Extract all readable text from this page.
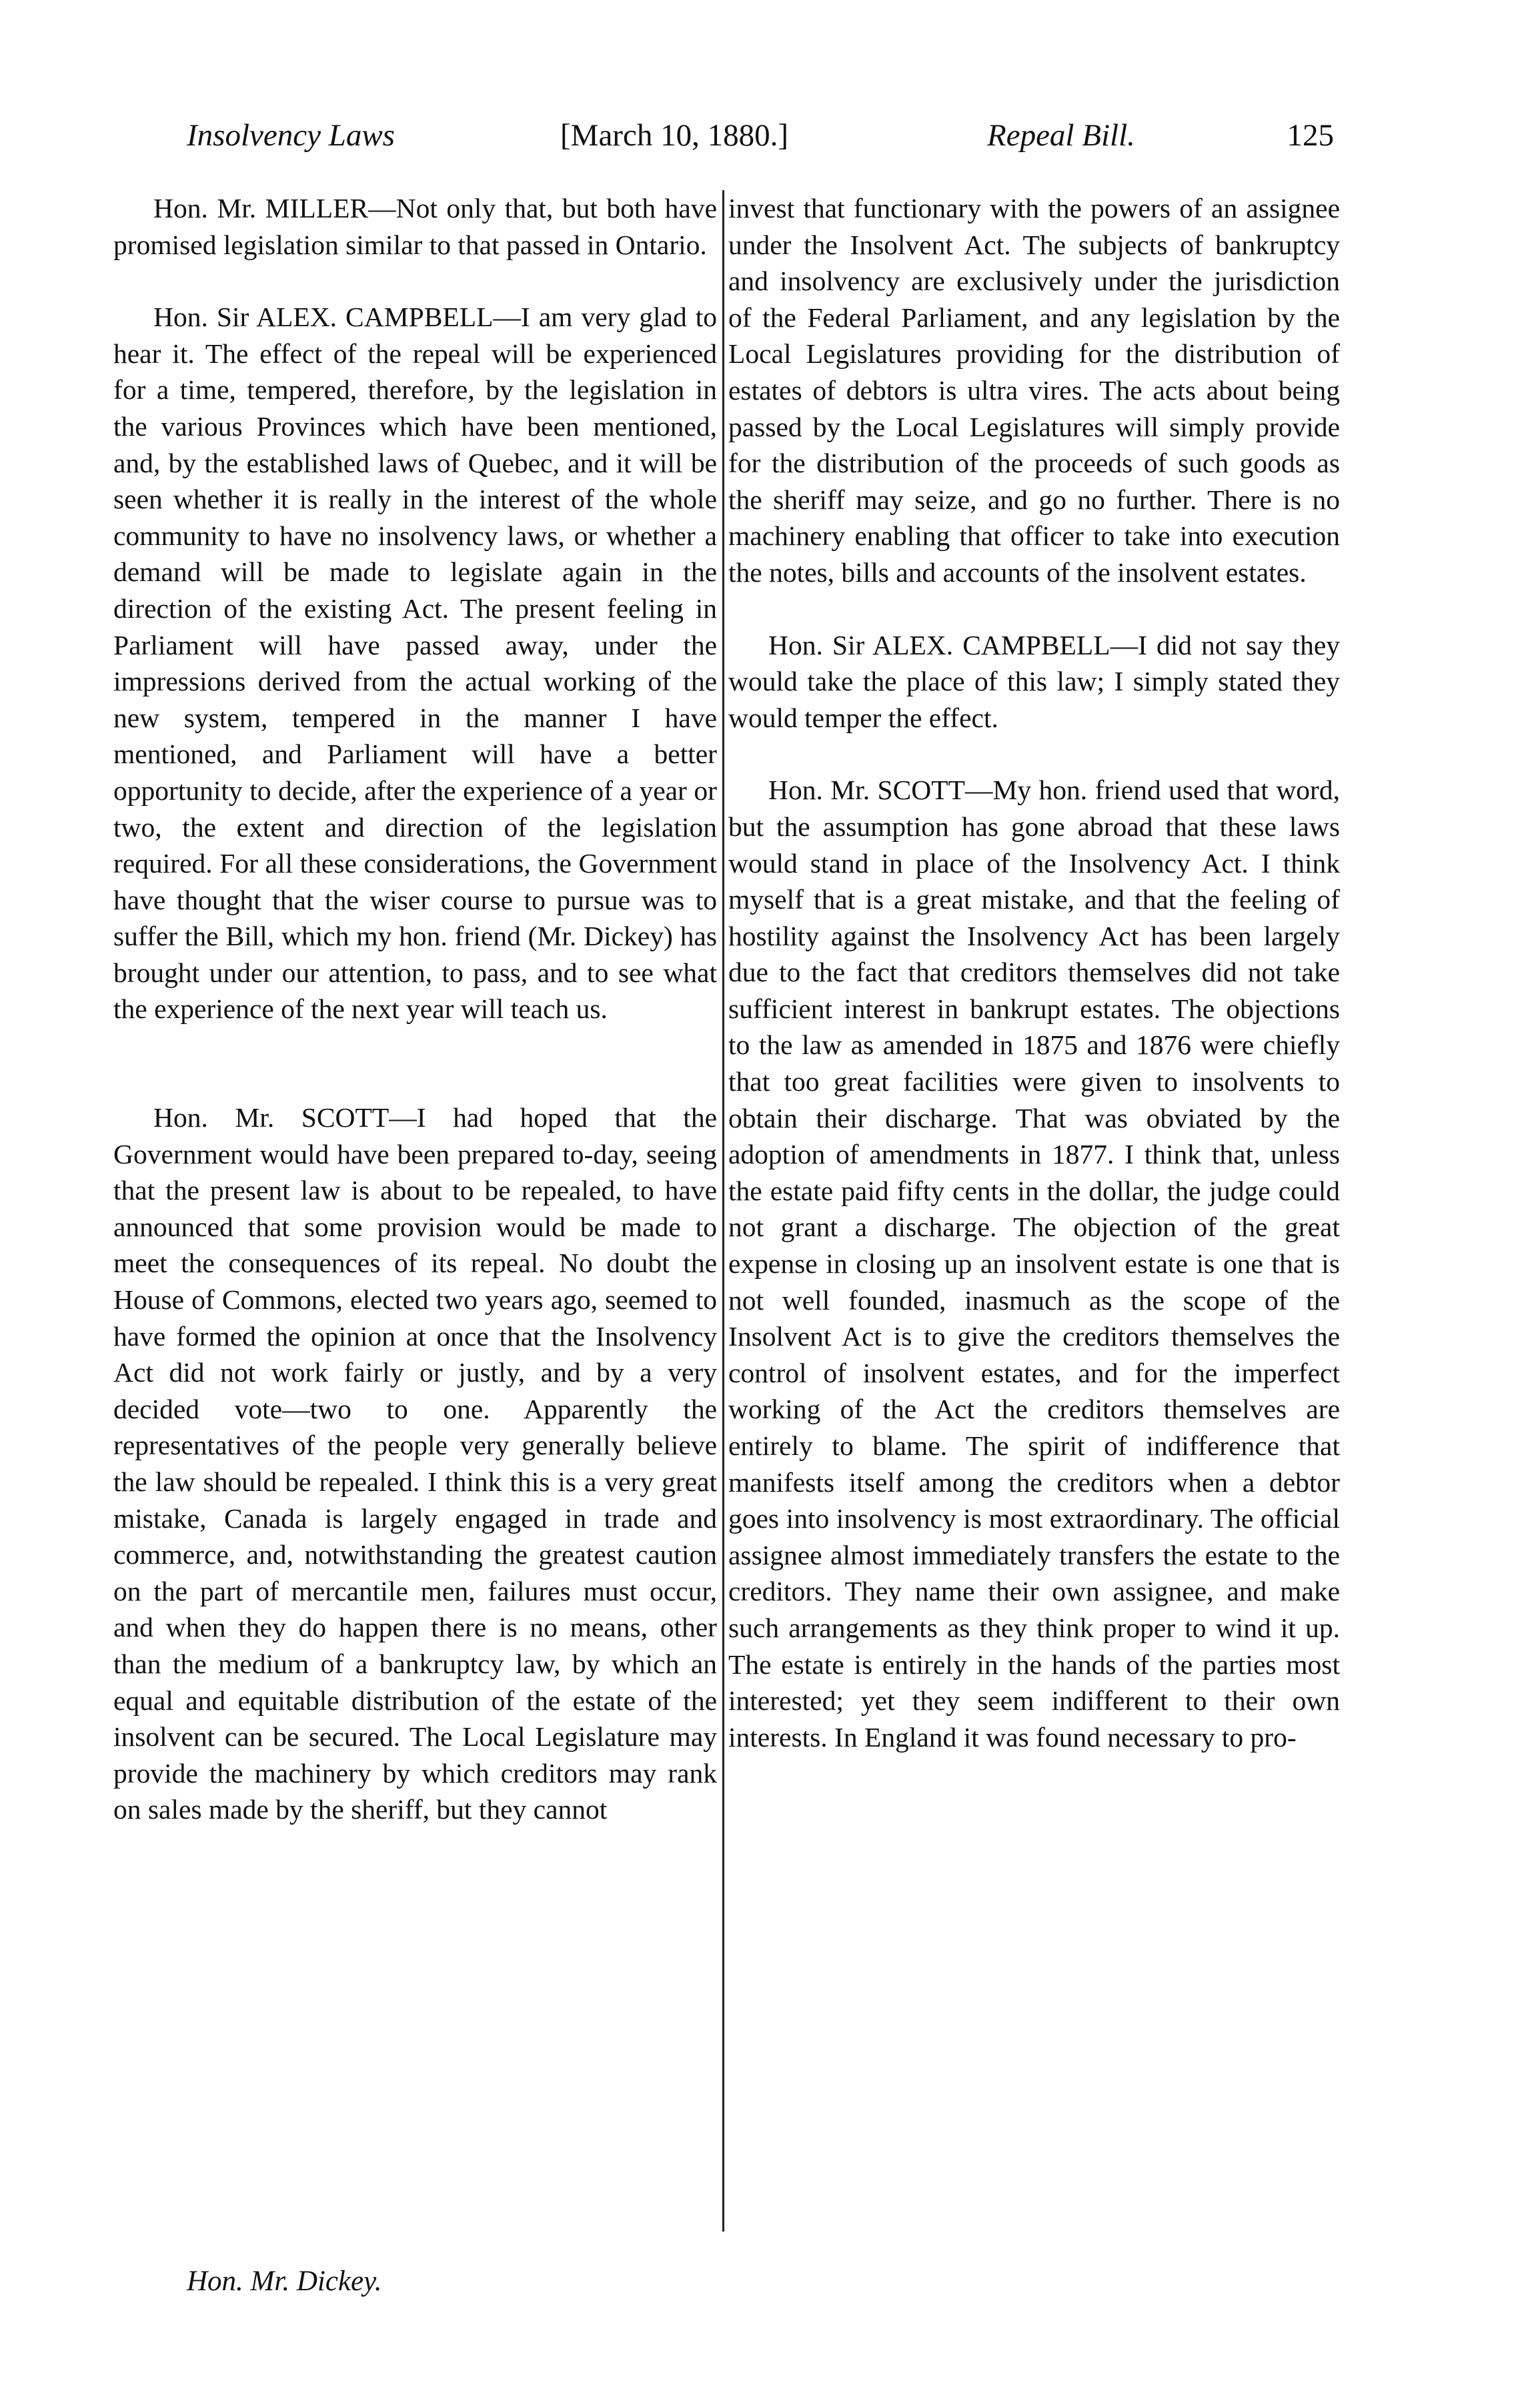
Insolvency Laws	[March 10, 1880.]	Repeal Bill.	125

Hon. Mr. MILLER—Not only that, but both have promised legislation similar to that passed in Ontario.

Hon. Sir ALEX. CAMPBELL—I am very glad to hear it. The effect of the repeal will be experienced for a time, tempered, therefore, by the legislation in the various Provinces which have been mentioned, and, by the established laws of Quebec, and it will be seen whether it is really in the interest of the whole community to have no insolvency laws, or whether a demand will be made to legislate again in the direction of the existing Act. The present feeling in Parliament will have passed away, under the impressions derived from the actual working of the new system, tempered in the manner I have mentioned, and Parliament will have a better opportunity to decide, after the experience of a year or two, the extent and direction of the legislation required. For all these considerations, the Government have thought that the wiser course to pursue was to suffer the Bill, which my hon. friend (Mr. Dickey) has brought under our attention, to pass, and to see what the experience of the next year will teach us.

Hon. Mr. SCOTT—I had hoped that the Government would have been prepared to-day, seeing that the present law is about to be repealed, to have announced that some provision would be made to meet the consequences of its repeal. No doubt the House of Commons, elected two years ago, seemed to have formed the opinion at once that the Insolvency Act did not work fairly or justly, and by a very decided vote—two to one. Apparently the representatives of the people very generally believe the law should be repealed. I think this is a very great mistake, Canada is largely engaged in trade and commerce, and, notwithstanding the greatest caution on the part of mercantile men, failures must occur, and when they do happen there is no means, other than the medium of a bankruptcy law, by which an equal and equitable distribution of the estate of the insolvent can be secured. The Local Legislature may provide the machinery by which creditors may rank on sales made by the sheriff, but they cannot

invest that functionary with the powers of an assignee under the Insolvent Act. The subjects of bankruptcy and insolvency are exclusively under the jurisdiction of the Federal Parliament, and any legislation by the Local Legislatures providing for the distribution of estates of debtors is ultra vires. The acts about being passed by the Local Legislatures will simply provide for the distribution of the proceeds of such goods as the sheriff may seize, and go no further. There is no machinery enabling that officer to take into execution the notes, bills and accounts of the insolvent estates.

Hon. Sir ALEX. CAMPBELL—I did not say they would take the place of this law; I simply stated they would temper the effect.

Hon. Mr. SCOTT—My hon. friend used that word, but the assumption has gone abroad that these laws would stand in place of the Insolvency Act. I think myself that is a great mistake, and that the feeling of hostility against the Insolvency Act has been largely due to the fact that creditors themselves did not take sufficient interest in bankrupt estates. The objections to the law as amended in 1875 and 1876 were chiefly that too great facilities were given to insolvents to obtain their discharge. That was obviated by the adoption of amendments in 1877. I think that, unless the estate paid fifty cents in the dollar, the judge could not grant a discharge. The objection of the great expense in closing up an insolvent estate is one that is not well founded, inasmuch as the scope of the Insolvent Act is to give the creditors themselves the control of insolvent estates, and for the imperfect working of the Act the creditors themselves are entirely to blame. The spirit of indifference that manifests itself among the creditors when a debtor goes into insolvency is most extraordinary. The official assignee almost immediately transfers the estate to the creditors. They name their own assignee, and make such arrangements as they think proper to wind it up. The estate is entirely in the hands of the parties most interested; yet they seem indifferent to their own interests. In England it was found necessary to pro-

Hon. Mr. Dickey.
